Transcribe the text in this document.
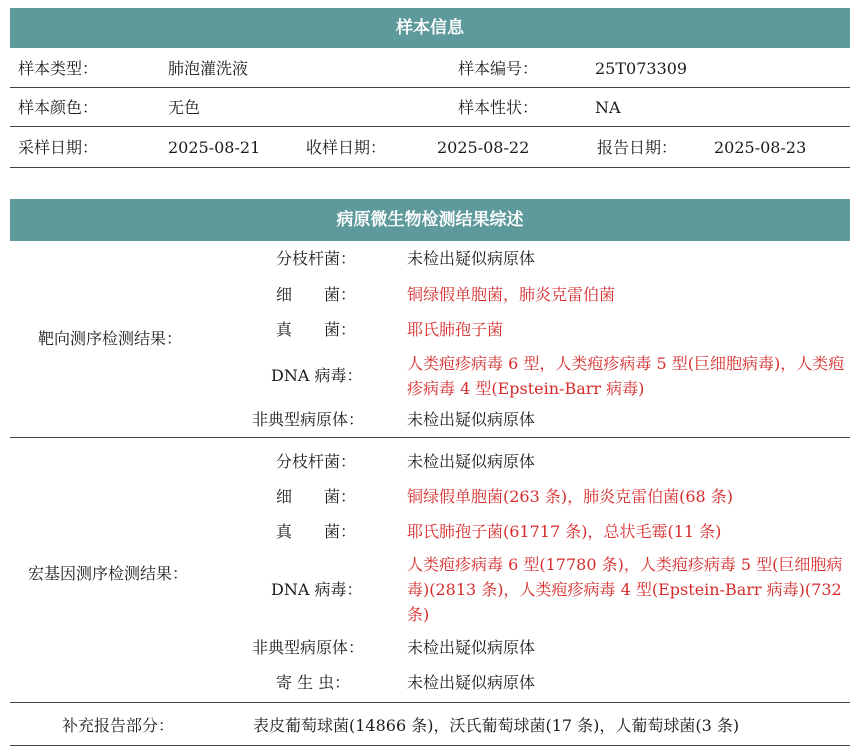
样本信息
样本类型：	肺泡灌洗液	样本编号：	25T073309
样本颜色：	无色	样本性状：	NA
采样日期：	2025-08-21	收样日期：	2025-08-22	报告日期： 2025-08-23
病原微生物检测结果综述
靶向测序检测结果：
分枝杆菌：	未检出疑似病原体
细　　菌：	铜绿假单胞菌，肺炎克雷伯菌
真　　菌：	耶氏肺孢子菌
DNA 病毒：
人类疱疹病毒 6 型，人类疱疹病毒 5 型(巨细胞病毒)，人类疱疹病毒 4 型(Epstein-Barr 病毒)
非典型病原体：	未检出疑似病原体
宏基因测序检测结果：
分枝杆菌：	未检出疑似病原体
细　　菌：	铜绿假单胞菌(263 条)，肺炎克雷伯菌(68 条)
真　　菌：	耶氏肺孢子菌(61717 条)，总状毛霉(11 条)
DNA 病毒：
人类疱疹病毒 6 型(17780 条)，人类疱疹病毒 5 型(巨细胞病毒)(2813 条)，人类疱疹病毒 4 型(Epstein-Barr 病毒)(732 条)
非典型病原体：	未检出疑似病原体
寄 生 虫：	未检出疑似病原体
补充报告部分：	表皮葡萄球菌(14866 条)，沃氏葡萄球菌(17 条)，人葡萄球菌(3 条)
